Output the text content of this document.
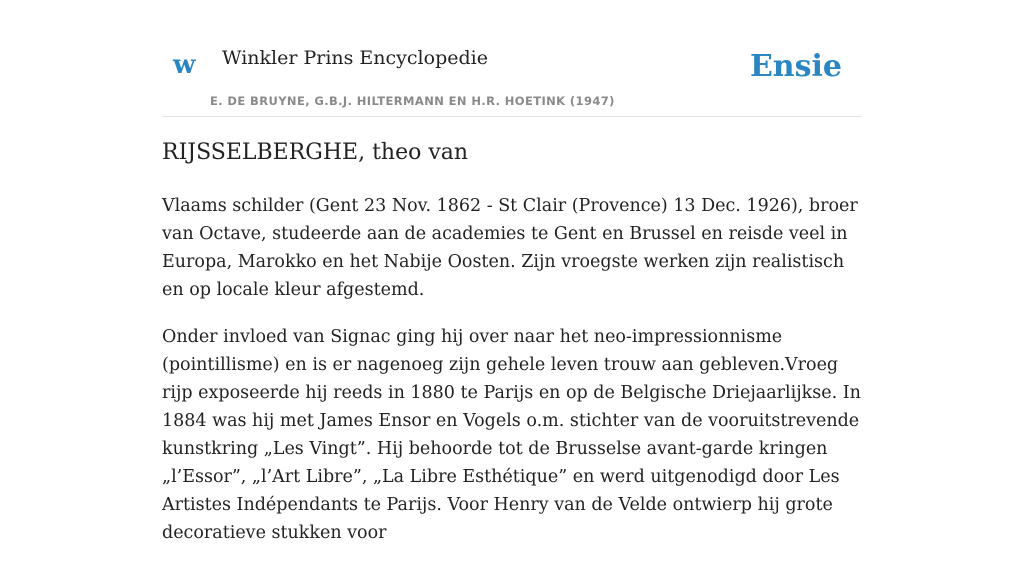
w Winkler Prins Encyclopedie
E. DE BRUYNE, G.B.J. HILTERMANN EN H.R. HOETINK (1947)
Ensie
RIJSSELBERGHE, theo van

Vlaams schilder (Gent 23 Nov. 1862 - St Clair (Provence) 13 Dec. 1926), broer van Octave, studeerde aan de academies te Gent en Brussel en reisde veel in Europa, Marokko en het Nabije Oosten. Zijn vroegste werken zijn realistisch en op locale kleur afgestemd.

Onder invloed van Signac ging hij over naar het neo-impressionnisme (pointillisme) en is er nagenoeg zijn gehele leven trouw aan gebleven.Vroeg rijp exposeerde hij reeds in 1880 te Parijs en op de Belgische Driejaarlijkse. In 1884 was hij met James Ensor en Vogels o.m. stichter van de vooruitstrevende kunstkring „Les Vingt”. Hij behoorde tot de Brusselse avant-garde kringen „l’Essor”, „l’Art Libre”, „La Libre Esthétique” en werd uitgenodigd door Les Artistes Indépendants te Parijs. Voor Henry van de Velde ontwierp hij grote decoratieve stukken voor
